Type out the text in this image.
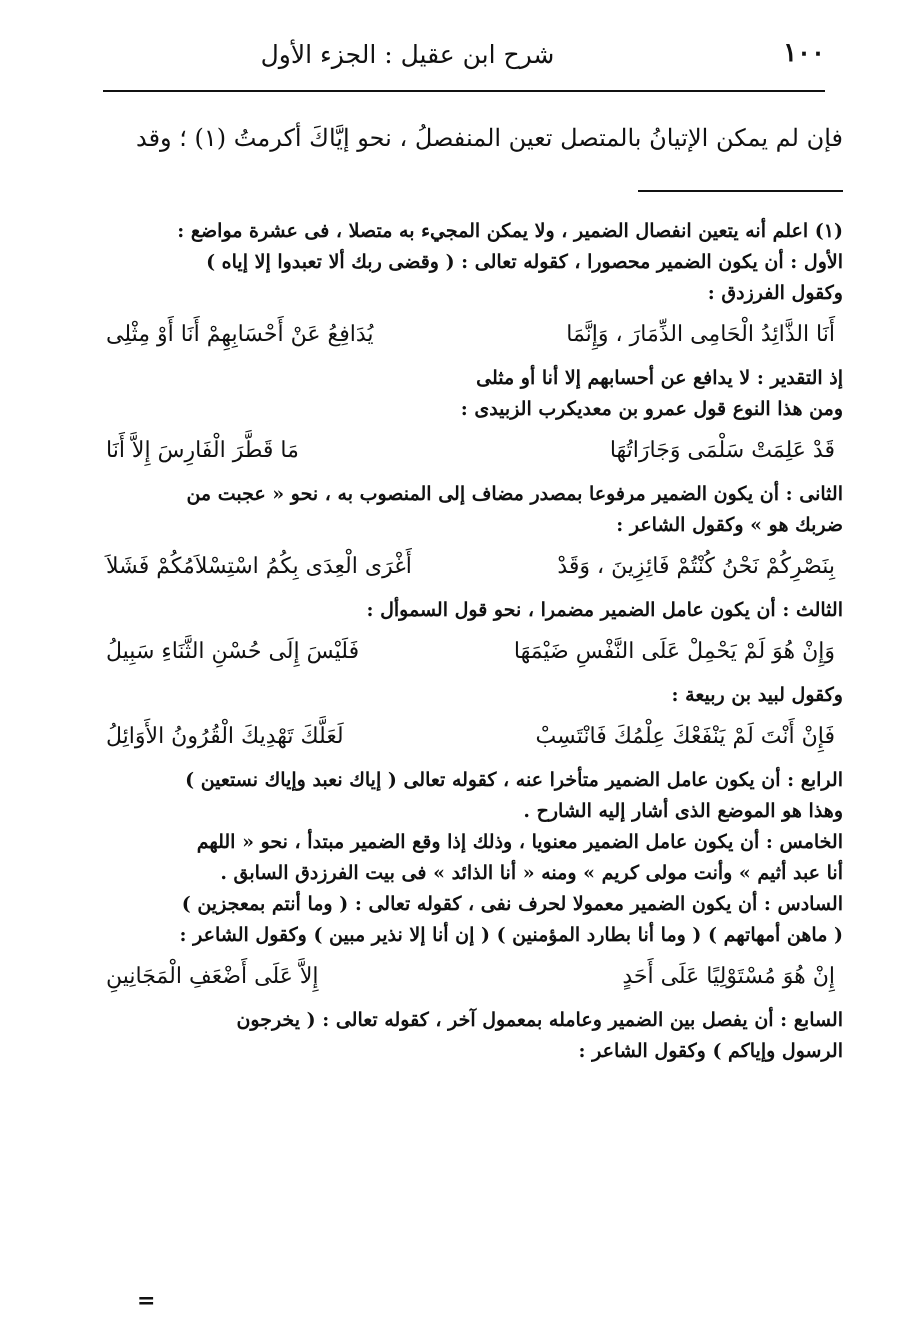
١٠٠
شرح ابن عقيل : الجزء الأول
فإن لم يمكن الإتيانُ بالمتصل تعين المنفصلُ ، نحو إيَّاكَ أكرمتُ (١) ؛ وقد
(١) اعلم أنه يتعين انفصال الضمير ، ولا يمكن المجيء به متصلا ، فى عشرة مواضع :
الأول : أن يكون الضمير محصورا ، كقوله تعالى : ( وقضى ربك ألا تعبدوا إلا إياه )
وكقول الفرزدق :
أَنَا الذَّائِدُ الْحَامِى الذِّمَارَ ، وَإِنَّمَا
يُدَافِعُ عَنْ أَحْسَابِهِمْ أَنَا أَوْ مِثْلِى
إذ التقدير : لا يدافع عن أحسابهم إلا أنا أو مثلى
ومن هذا النوع قول عمرو بن معديكرب الزبيدى :
قَدْ عَلِمَتْ سَلْمَى وَجَارَاتُهَا
مَا قَطَّرَ الْفَارِسَ إِلاَّ أَنَا
الثانى : أن يكون الضمير مرفوعا بمصدر مضاف إلى المنصوب به ، نحو « عجبت من
ضربك هو » وكقول الشاعر :
بِنَصْرِكُمْ نَحْنُ كُنْتُمْ فَائِزِينَ ، وَقَدْ
أَغْرَى الْعِدَى بِكُمُ اسْتِسْلاَمُكُمْ فَشَلاَ
الثالث : أن يكون عامل الضمير مضمرا ، نحو قول السموأل :
وَإِنْ هُوَ لَمْ يَحْمِلْ عَلَى النَّفْسِ ضَيْمَهَا
فَلَيْسَ إِلَى حُسْنِ الثَّنَاءِ سَبِيلُ
وكقول لبيد بن ربيعة :
فَإِنْ أَنْتَ لَمْ يَنْفَعْكَ عِلْمُكَ فَانْتَسِبْ
لَعَلَّكَ تَهْدِيكَ الْقُرُونُ الأَوَائِلُ
الرابع : أن يكون عامل الضمير متأخرا عنه ، كقوله تعالى ( إياك نعبد وإياك نستعين )
وهذا هو الموضع الذى أشار إليه الشارح .
الخامس : أن يكون عامل الضمير معنويا ، وذلك إذا وقع الضمير مبتدأ ، نحو « اللهم
أنا عبد أثيم » وأنت مولى كريم » ومنه « أنا الذائد » فى بيت الفرزدق السابق .
السادس : أن يكون الضمير معمولا لحرف نفى ، كقوله تعالى : ( وما أنتم بمعجزين )
( ماهن أمهاتهم ) ( وما أنا بطارد المؤمنين ) ( إن أنا إلا نذير مبين ) وكقول الشاعر :
إِنْ هُوَ مُسْتَوْلِيًا عَلَى أَحَدٍ
إِلاَّ عَلَى أَضْعَفِ الْمَجَانِينِ
السابع : أن يفصل بين الضمير وعامله بمعمول آخر ، كقوله تعالى : ( يخرجون
الرسول وإياكم ) وكقول الشاعر :
=
